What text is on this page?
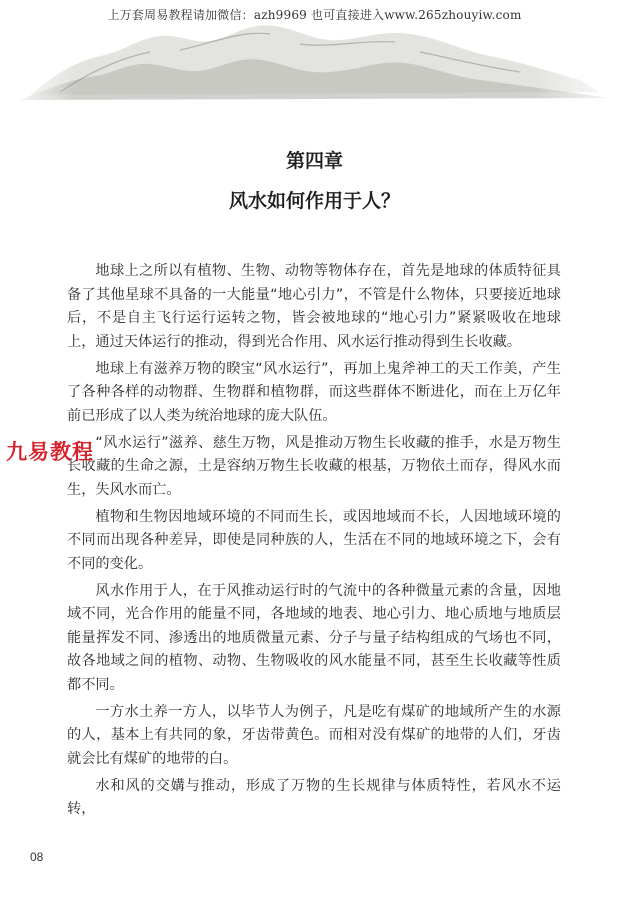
上万套周易教程请加微信：azh9969 也可直接进入www.265zhouyiw.com
第四章
风水如何作用于人？

地球上之所以有植物、生物、动物等物体存在，首先是地球的体质特征具备了其他星球不具备的一大能量“地心引力”，不管是什么物体，只要接近地球后，不是自主飞行运行运转之物，皆会被地球的“地心引力”紧紧吸收在地球上，通过天体运行的推动，得到光合作用、风水运行推动得到生长收藏。

地球上有滋养万物的睽宝“风水运行”，再加上鬼斧神工的天工作美，产生了各种各样的动物群、生物群和植物群，而这些群体不断进化，而在上万亿年前已形成了以人类为统治地球的庞大队伍。

“风水运行”滋养、慈生万物，风是推动万物生长收藏的推手，水是万物生长收藏的生命之源，土是容纳万物生长收藏的根基，万物依土而存，得风水而生，失风水而亡。

植物和生物因地域环境的不同而生长，或因地域而不长，人因地域环境的不同而出现各种差异，即使是同种族的人，生活在不同的地域环境之下，会有不同的变化。

风水作用于人，在于风推动运行时的气流中的各种微量元素的含量，因地域不同，光合作用的能量不同，各地域的地表、地心引力、地心质地与地质层能量挥发不同、渗透出的地质微量元素、分子与量子结构组成的气场也不同，故各地域之间的植物、动物、生物吸收的风水能量不同，甚至生长收藏等性质都不同。

一方水土养一方人，以毕节人为例子，凡是吃有煤矿的地域所产生的水源的人，基本上有共同的象，牙齿带黄色。而相对没有煤矿的地带的人们，牙齿就会比有煤矿的地带的白。

水和风的交媾与推动，形成了万物的生长规律与体质特性，若风水不运转，

九易教程
08
